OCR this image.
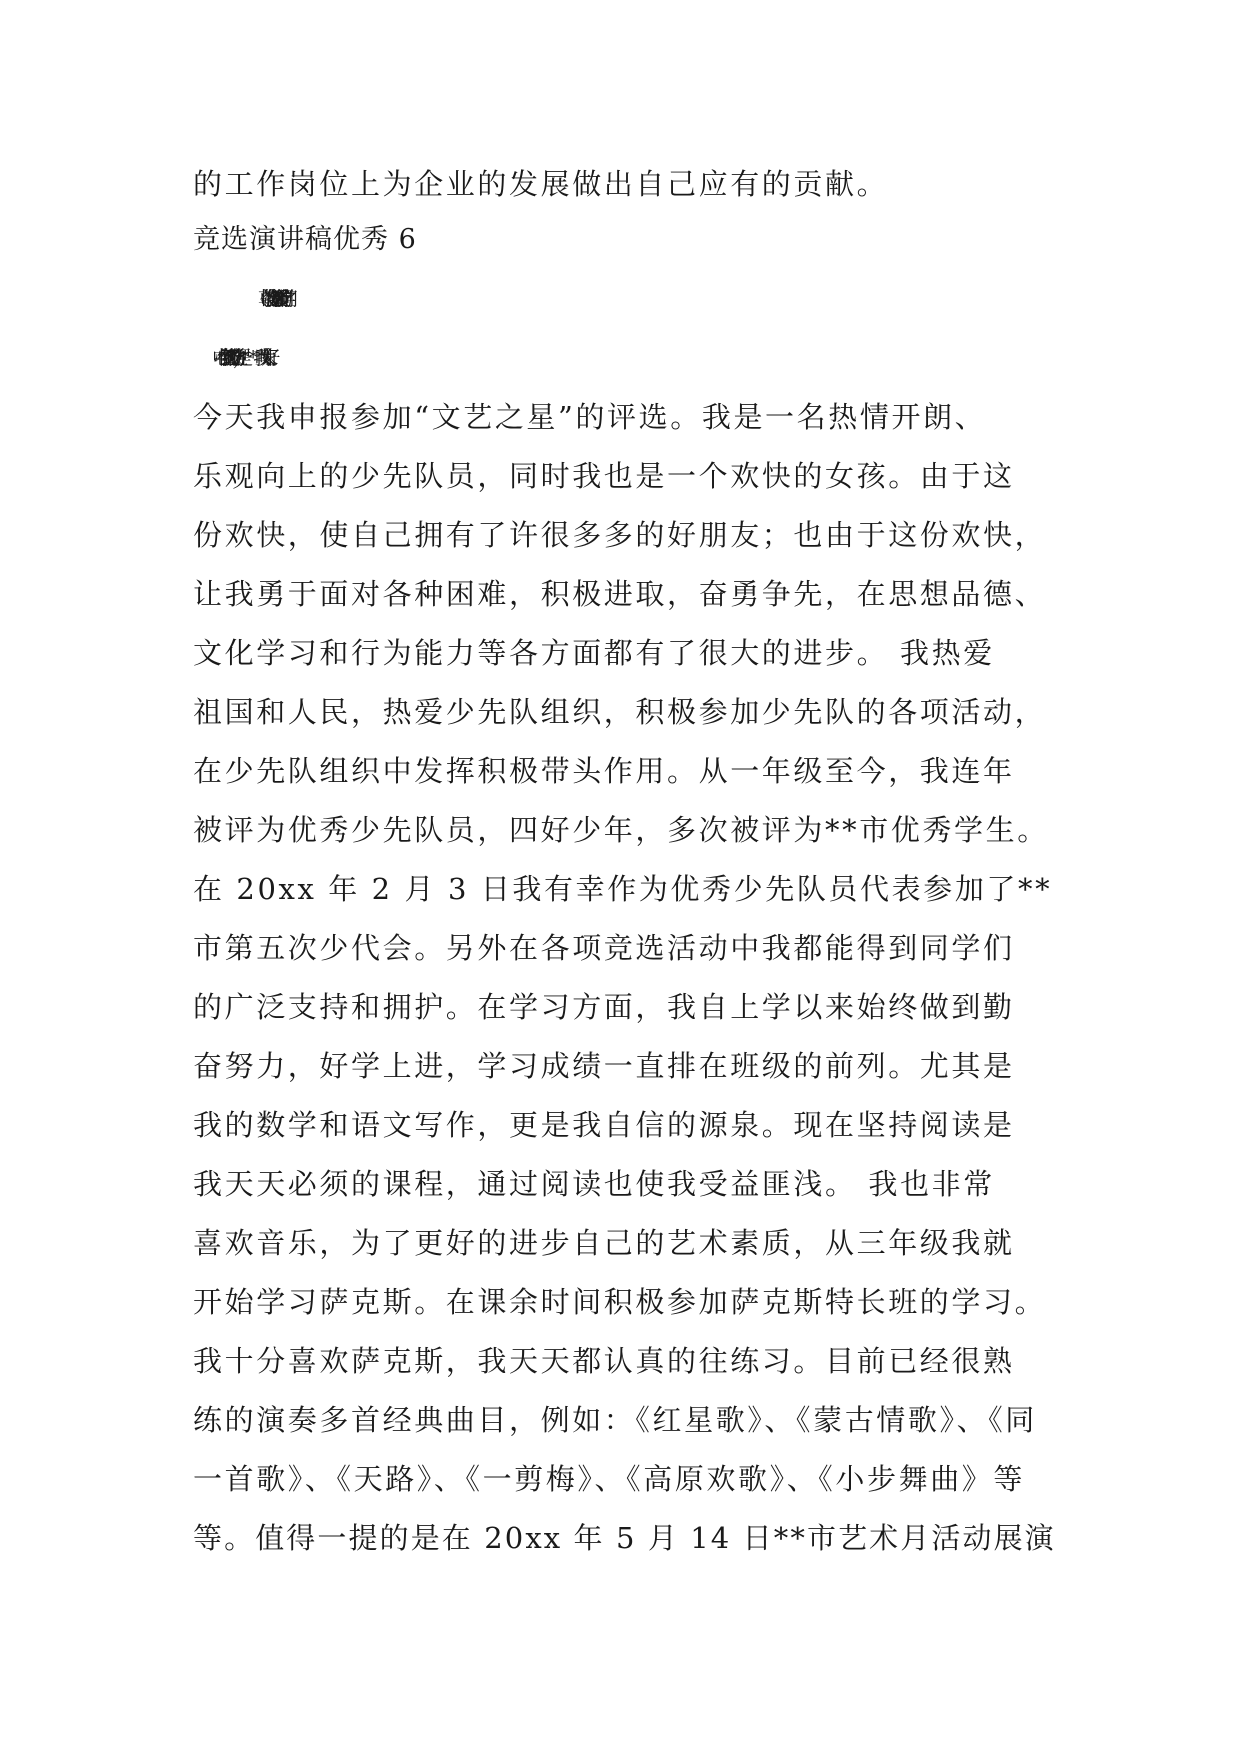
的工作岗位上为企业的发展做出自己应有的贡献。
竞选演讲稿优秀 6
尊敬的各位老师、亲爱的同学们：
今天我申报参加“文艺之星”的评选。我是一名热情开朗、
乐观向上的少先队员，同时我也是一个欢快的女孩。由于这
份欢快，使自己拥有了许很多多的好朋友；也由于这份欢快，
让我勇于面对各种困难，积极进取，奋勇争先，在思想品德、
文化学习和行为能力等各方面都有了很大的进步。 我热爱
祖国和人民，热爱少先队组织，积极参加少先队的各项活动，
在少先队组织中发挥积极带头作用。从一年级至今，我连年
被评为优秀少先队员，四好少年，多次被评为**市优秀学生。
在 20xx 年 2 月 3 日我有幸作为优秀少先队员代表参加了**
市第五次少代会。另外在各项竞选活动中我都能得到同学们
的广泛支持和拥护。在学习方面，我自上学以来始终做到勤
奋努力，好学上进，学习成绩一直排在班级的前列。尤其是
我的数学和语文写作，更是我自信的源泉。现在坚持阅读是
我天天必须的课程，通过阅读也使我受益匪浅。 我也非常
喜欢音乐，为了更好的进步自己的艺术素质，从三年级我就
开始学习萨克斯。在课余时间积极参加萨克斯特长班的学习。
我十分喜欢萨克斯，我天天都认真的往练习。目前已经很熟
练的演奏多首经典曲目，例如：《红星歌》、《蒙古情歌》、《同
一首歌》、《天路》、《一剪梅》、《高原欢歌》、《小步舞曲》等
等。值得一提的是在 20xx 年 5 月 14 日**市艺术月活动展演
